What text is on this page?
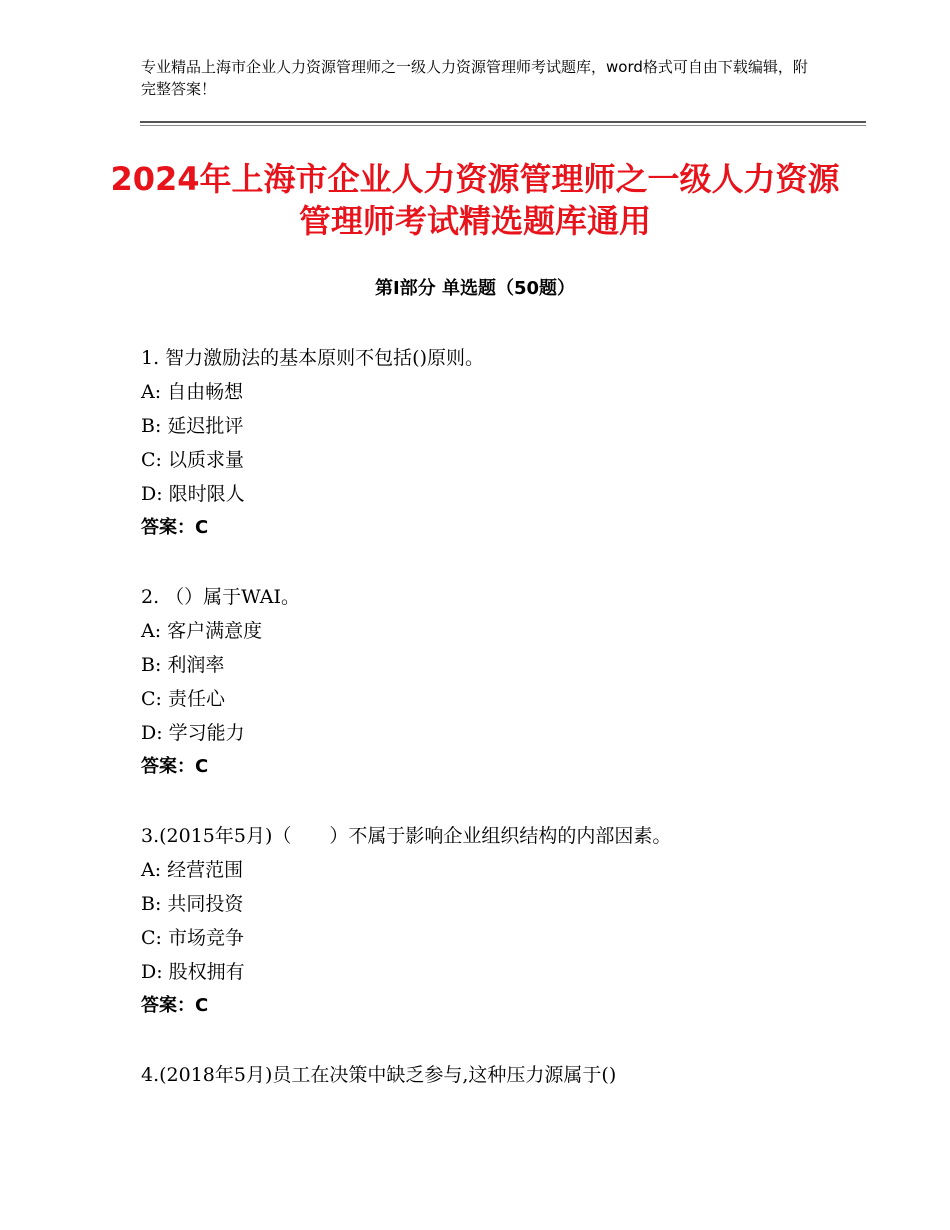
专业精品上海市企业人力资源管理师之一级人力资源管理师考试题库，word格式可自由下载编辑，附完整答案！
2024年上海市企业人力资源管理师之一级人力资源管理师考试精选题库通用
第I部分 单选题（50题）
1. 智力激励法的基本原则不包括()原则。
A: 自由畅想
B: 延迟批评
C: 以质求量
D: 限时限人
答案：C
2. （）属于WAI。
A: 客户满意度
B: 利润率
C: 责任心
D: 学习能力
答案：C
3.(2015年5月)（　　）不属于影响企业组织结构的内部因素。
A: 经营范围
B: 共同投资
C: 市场竞争
D: 股权拥有
答案：C
4.(2018年5月)员工在决策中缺乏参与,这种压力源属于()
